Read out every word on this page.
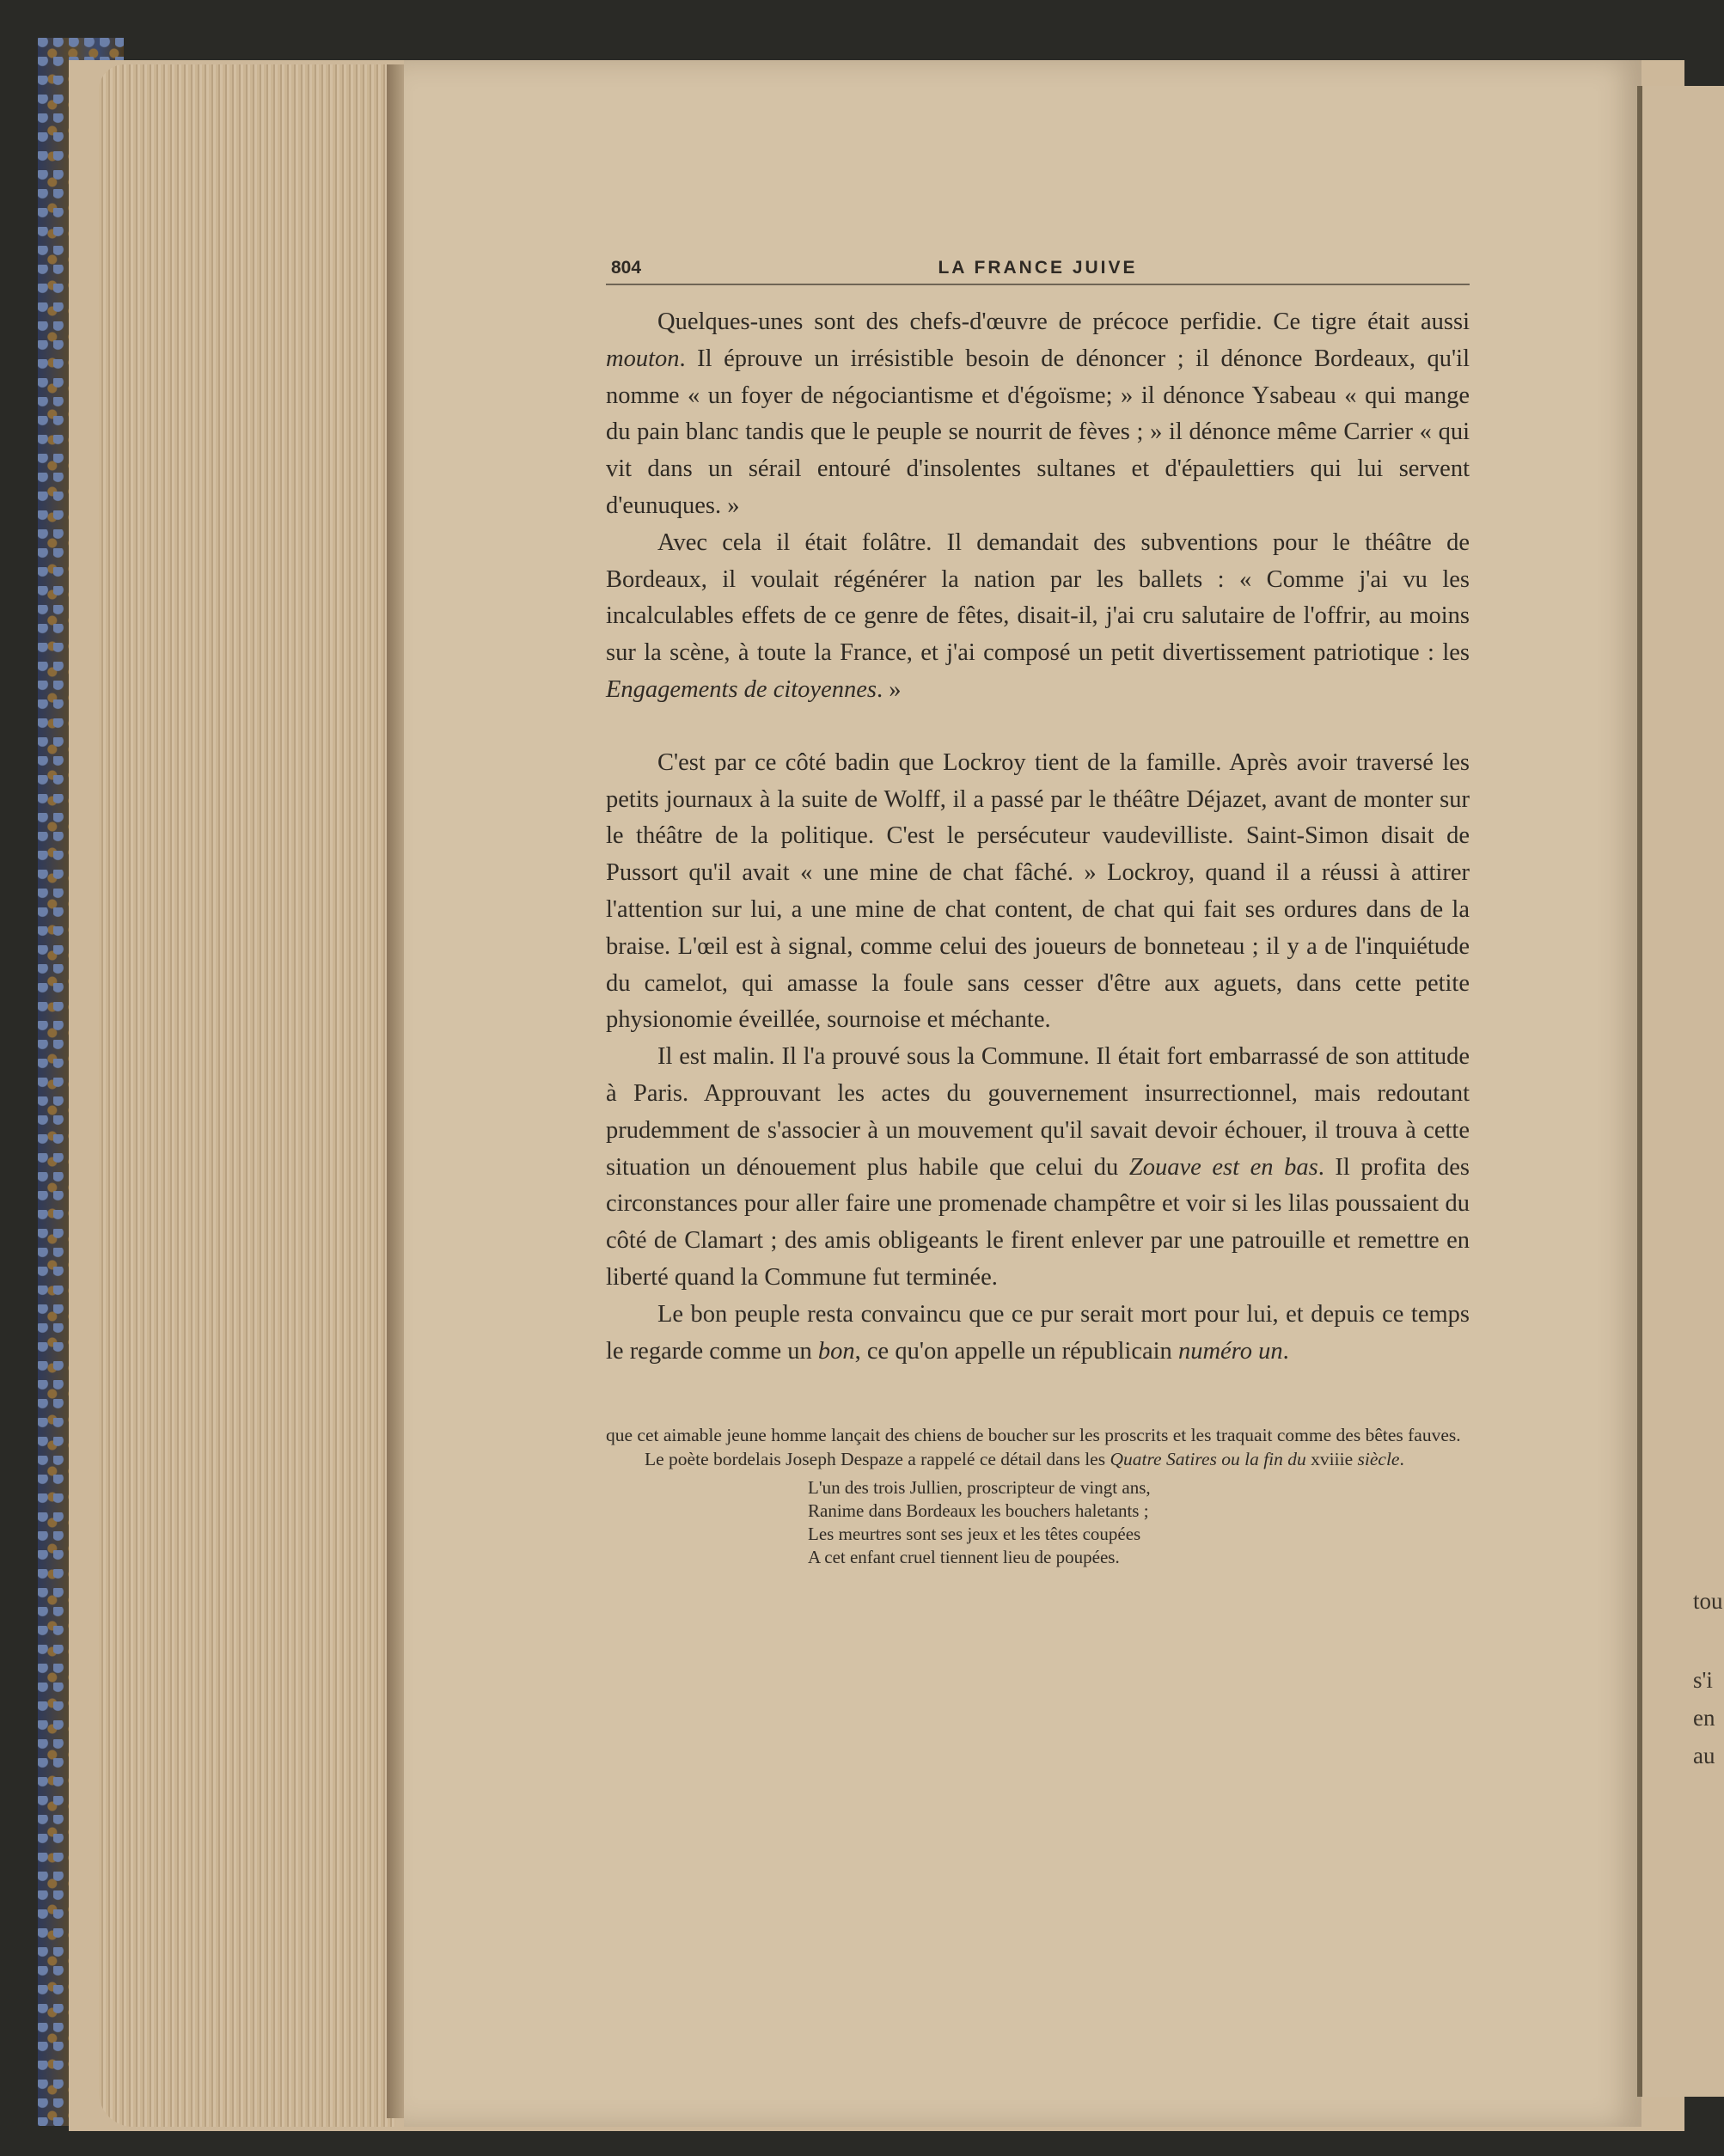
tou
s'i
en
au
804	LA FRANCE JUIVE

Quelques-unes sont des chefs-d'œuvre de précoce perfidie. Ce tigre était aussi mouton. Il éprouve un irrésistible besoin de dénoncer ; il dénonce Bordeaux, qu'il nomme « un foyer de négociantisme et d'égoïsme; » il dénonce Ysabeau « qui mange du pain blanc tandis que le peuple se nourrit de fèves ; » il dénonce même Carrier « qui vit dans un sérail entouré d'insolentes sultanes et d'épaulettiers qui lui servent d'eunuques. »

Avec cela il était folâtre. Il demandait des subventions pour le théâtre de Bordeaux, il voulait régénérer la nation par les ballets : « Comme j'ai vu les incalculables effets de ce genre de fêtes, disait-il, j'ai cru salutaire de l'offrir, au moins sur la scène, à toute la France, et j'ai composé un petit divertissement patriotique : les Engagements de citoyennes. »

C'est par ce côté badin que Lockroy tient de la famille. Après avoir traversé les petits journaux à la suite de Wolff, il a passé par le théâtre Déjazet, avant de monter sur le théâtre de la politique. C'est le persécuteur vaudevilliste. Saint-Simon disait de Pussort qu'il avait « une mine de chat fâché. » Lockroy, quand il a réussi à attirer l'attention sur lui, a une mine de chat content, de chat qui fait ses ordures dans de la braise. L'œil est à signal, comme celui des joueurs de bonneteau ; il y a de l'inquiétude du camelot, qui amasse la foule sans cesser d'être aux aguets, dans cette petite physionomie éveillée, sournoise et méchante.

Il est malin. Il l'a prouvé sous la Commune. Il était fort embarrassé de son attitude à Paris. Approuvant les actes du gouvernement insurrectionnel, mais redoutant prudemment de s'associer à un mouvement qu'il savait devoir échouer, il trouva à cette situation un dénouement plus habile que celui du Zouave est en bas. Il profita des circonstances pour aller faire une promenade champêtre et voir si les lilas poussaient du côté de Clamart ; des amis obligeants le firent enlever par une patrouille et remettre en liberté quand la Commune fut terminée.

Le bon peuple resta convaincu que ce pur serait mort pour lui, et depuis ce temps le regarde comme un bon, ce qu'on appelle un républicain numéro un.

que cet aimable jeune homme lançait des chiens de boucher sur les proscrits et les traquait comme des bêtes fauves.

Le poète bordelais Joseph Despaze a rappelé ce détail dans les Quatre Satires ou la fin du xviiie siècle.

L'un des trois Jullien, proscripteur de vingt ans,
Ranime dans Bordeaux les bouchers haletants ;
Les meurtres sont ses jeux et les têtes coupées
A cet enfant cruel tiennent lieu de poupées.
